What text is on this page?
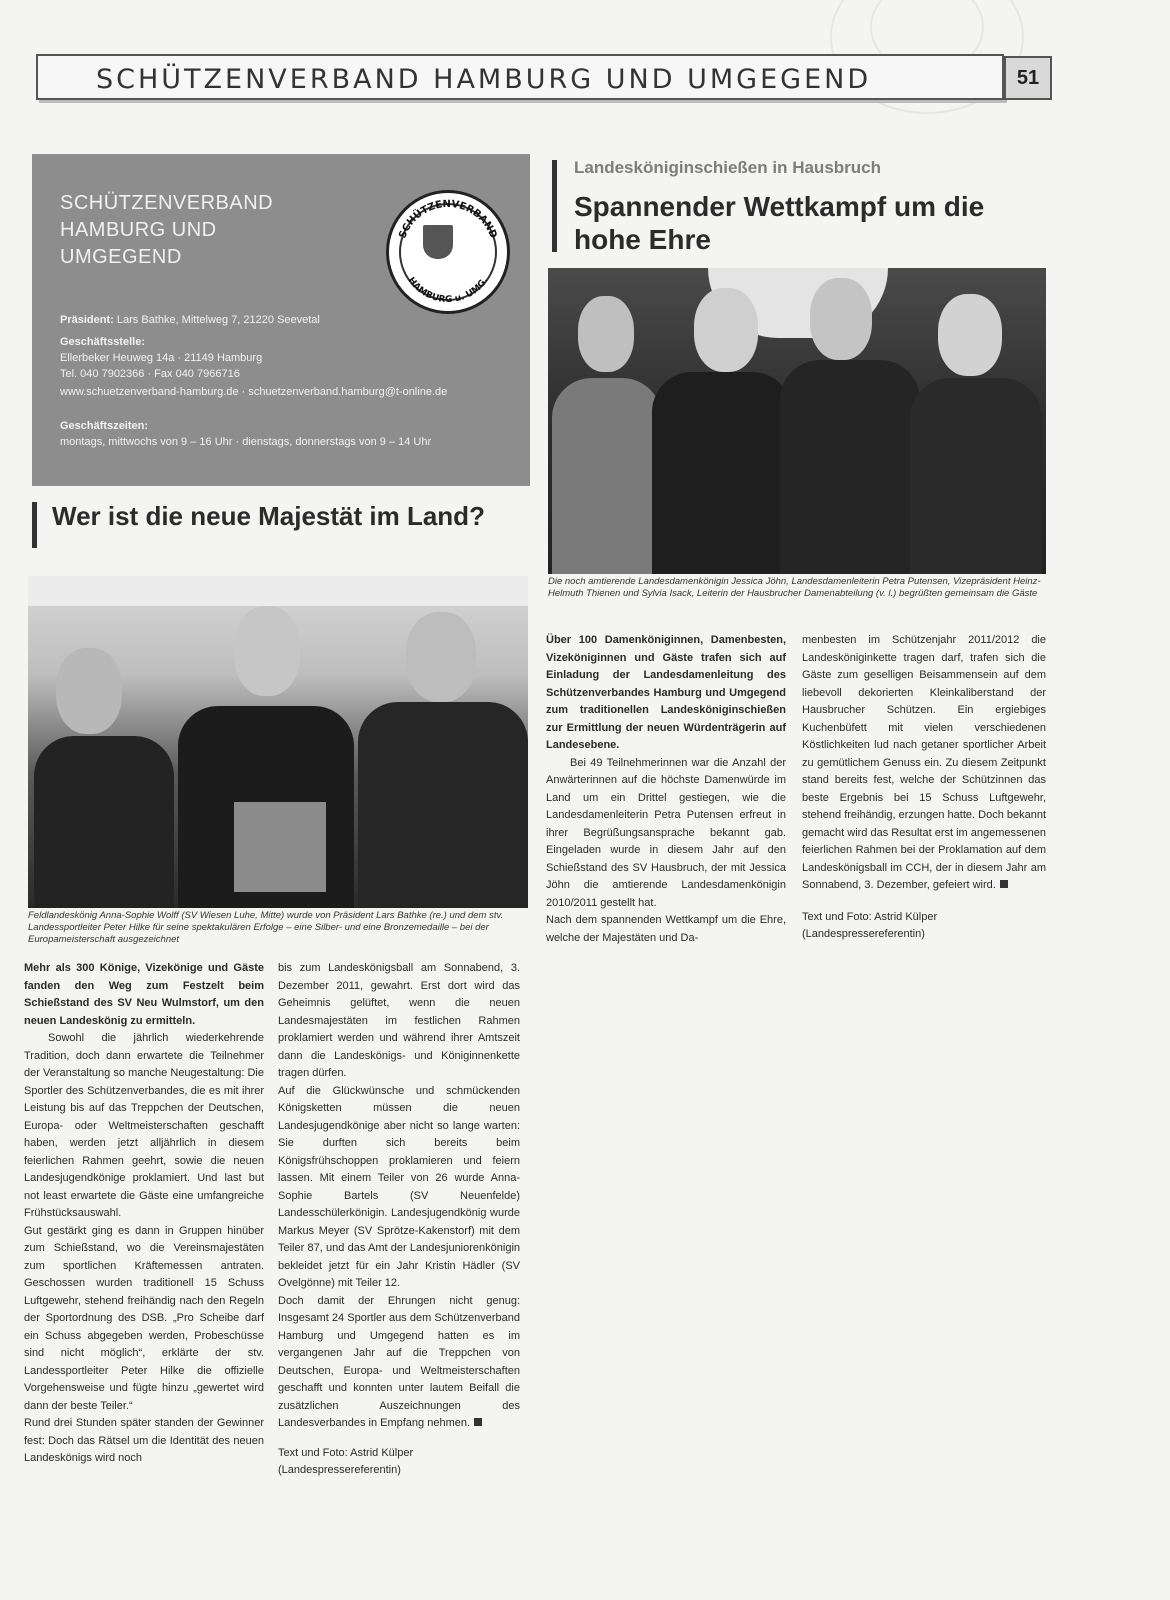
SCHÜTZENVERBAND HAMBURG UND UMGEGEND	51
SCHÜTZENVERBAND
HAMBURG UND
UMGEGEND
SCHÜTZENVERBAND
HAMBURG u. UMG.
Präsident: Lars Bathke, Mittelweg 7, 21220 Seevetal
Geschäftsstelle:
Ellerbeker Heuweg 14a · 21149 Hamburg
Tel. 040 7902366 · Fax 040 7966716
www.schuetzenverband-hamburg.de · schuetzenverband.hamburg@t-online.de
Geschäftszeiten:
montags, mittwochs von 9 – 16 Uhr · dienstags, donnerstags von 9 – 14 Uhr
Wer ist die neue Majestät im Land?
Feldlandeskönig Anna-Sophie Wolff (SV Wiesen Luhe, Mitte) wurde von Präsident Lars Bathke (re.) und dem stv. Landessportleiter Peter Hilke für seine spektakulären Erfolge – eine Silber- und eine Bronzemedaille – bei der Europameisterschaft ausgezeichnet

Mehr als 300 Könige, Vizekönige und Gäste fanden den Weg zum Festzelt beim Schießstand des SV Neu Wulmstorf, um den neuen Landeskönig zu ermitteln.

Sowohl die jährlich wiederkehrende Tradition, doch dann erwartete die Teilnehmer der Veranstaltung so manche Neugestaltung: Die Sportler des Schützenverbandes, die es mit ihrer Leistung bis auf das Treppchen der Deutschen, Europa- oder Weltmeisterschaften geschafft haben, werden jetzt alljährlich in diesem feierlichen Rahmen geehrt, sowie die neuen Landesjugendkönige proklamiert. Und last but not least erwartete die Gäste eine umfangreiche Frühstücksauswahl.

Gut gestärkt ging es dann in Gruppen hinüber zum Schießstand, wo die Vereinsmajestäten zum sportlichen Kräftemessen antraten. Geschossen wurden traditionell 15 Schuss Luftgewehr, stehend freihändig nach den Regeln der Sportordnung des DSB. „Pro Scheibe darf ein Schuss abgegeben werden, Probeschüsse sind nicht möglich“, erklärte der stv. Landessportleiter Peter Hilke die offizielle Vorgehensweise und fügte hinzu „gewertet wird dann der beste Teiler.“

Rund drei Stunden später standen der Gewinner fest: Doch das Rätsel um die Identität des neuen Landeskönigs wird noch

bis zum Landeskönigsball am Sonnabend, 3. Dezember 2011, gewahrt. Erst dort wird das Geheimnis gelüftet, wenn die neuen Landesmajestäten im festlichen Rahmen proklamiert werden und während ihrer Amtszeit dann die Landeskönigs- und Königinnenkette tragen dürfen.

Auf die Glückwünsche und schmückenden Königsketten müssen die neuen Landesjugendkönige aber nicht so lange warten: Sie durften sich bereits beim Königsfrühschoppen proklamieren und feiern lassen. Mit einem Teiler von 26 wurde Anna-Sophie Bartels (SV Neuenfelde) Landesschülerkönigin. Landesjugendkönig wurde Markus Meyer (SV Sprötze-Kakenstorf) mit dem Teiler 87, und das Amt der Landesjuniorenkönigin bekleidet jetzt für ein Jahr Kristin Hädler (SV Ovelgönne) mit Teiler 12.

Doch damit der Ehrungen nicht genug: Insgesamt 24 Sportler aus dem Schützenverband Hamburg und Umgegend hatten es im vergangenen Jahr auf die Treppchen von Deutschen, Europa- und Weltmeisterschaften geschafft und konnten unter lautem Beifall die zusätzlichen Auszeichnungen des Landesverbandes in Empfang nehmen.

Text und Foto: Astrid Külper
(Landespressereferentin)
Landesköniginschießen in Hausbruch
Spannender Wettkampf um die hohe Ehre
Die noch amtierende Landesdamenkönigin Jessica Jöhn, Landesdamenleiterin Petra Putensen, Vizepräsident Heinz-Helmuth Thienen und Sylvia Isack, Leiterin der Hausbrucher Damenabteilung (v. l.) begrüßten gemeinsam die Gäste

Über 100 Damenköniginnen, Damenbesten, Vizeköniginnen und Gäste trafen sich auf Einladung der Landesdamenleitung des Schützenverbandes Hamburg und Umgegend zum traditionellen Landesköniginschießen zur Ermittlung der neuen Würdenträgerin auf Landesebene.

Bei 49 Teilnehmerinnen war die Anzahl der Anwärterinnen auf die höchste Damenwürde im Land um ein Drittel gestiegen, wie die Landesdamenleiterin Petra Putensen erfreut in ihrer Begrüßungsansprache bekannt gab. Eingeladen wurde in diesem Jahr auf den Schießstand des SV Hausbruch, der mit Jessica Jöhn die amtierende Landesdamenkönigin 2010/2011 gestellt hat.

Nach dem spannenden Wettkampf um die Ehre, welche der Majestäten und Da-

menbesten im Schützenjahr 2011/2012 die Landesköniginkette tragen darf, trafen sich die Gäste zum geselligen Beisammensein auf dem liebevoll dekorierten Kleinkaliberstand der Hausbrucher Schützen. Ein ergiebiges Kuchenbüfett mit vielen verschiedenen Köstlichkeiten lud nach getaner sportlicher Arbeit zu gemütlichem Genuss ein. Zu diesem Zeitpunkt stand bereits fest, welche der Schützinnen das beste Ergebnis bei 15 Schuss Luftgewehr, stehend freihändig, erzungen hatte. Doch bekannt gemacht wird das Resultat erst im angemessenen feierlichen Rahmen bei der Proklamation auf dem Landeskönigsball im CCH, der in diesem Jahr am Sonnabend, 3. Dezember, gefeiert wird.

Text und Foto: Astrid Külper
(Landespressereferentin)
